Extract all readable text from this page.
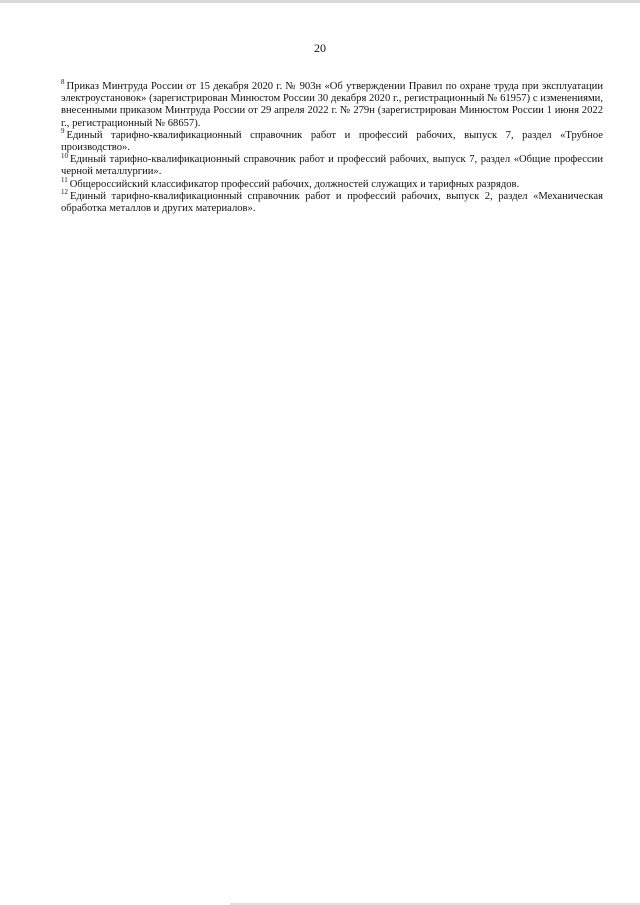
20

$^8$ Приказ Минтруда России от 15 декабря 2020 г. № 903н «Об утверждении Правил по охране труда при эксплуатации электроустановок» (зарегистрирован Минюстом России 30 декабря 2020 г., регистрационный № 61957) с изменениями, внесенными приказом Минтруда России от 29 апреля 2022 г. № 279н (зарегистрирован Минюстом России 1 июня 2022 г., регистрационный № 68657).

$^9$ Единый тарифно-квалификационный справочник работ и профессий рабочих, выпуск 7, раздел «Трубное производство».

$^{10}$ Единый тарифно-квалификационный справочник работ и профессий рабочих, выпуск 7, раздел «Общие профессии черной металлургии».

$^{11}$ Общероссийский классификатор профессий рабочих, должностей служащих и тарифных разрядов.

$^{12}$ Единый тарифно-квалификационный справочник работ и профессий рабочих, выпуск 2, раздел «Механическая обработка металлов и других материалов».
